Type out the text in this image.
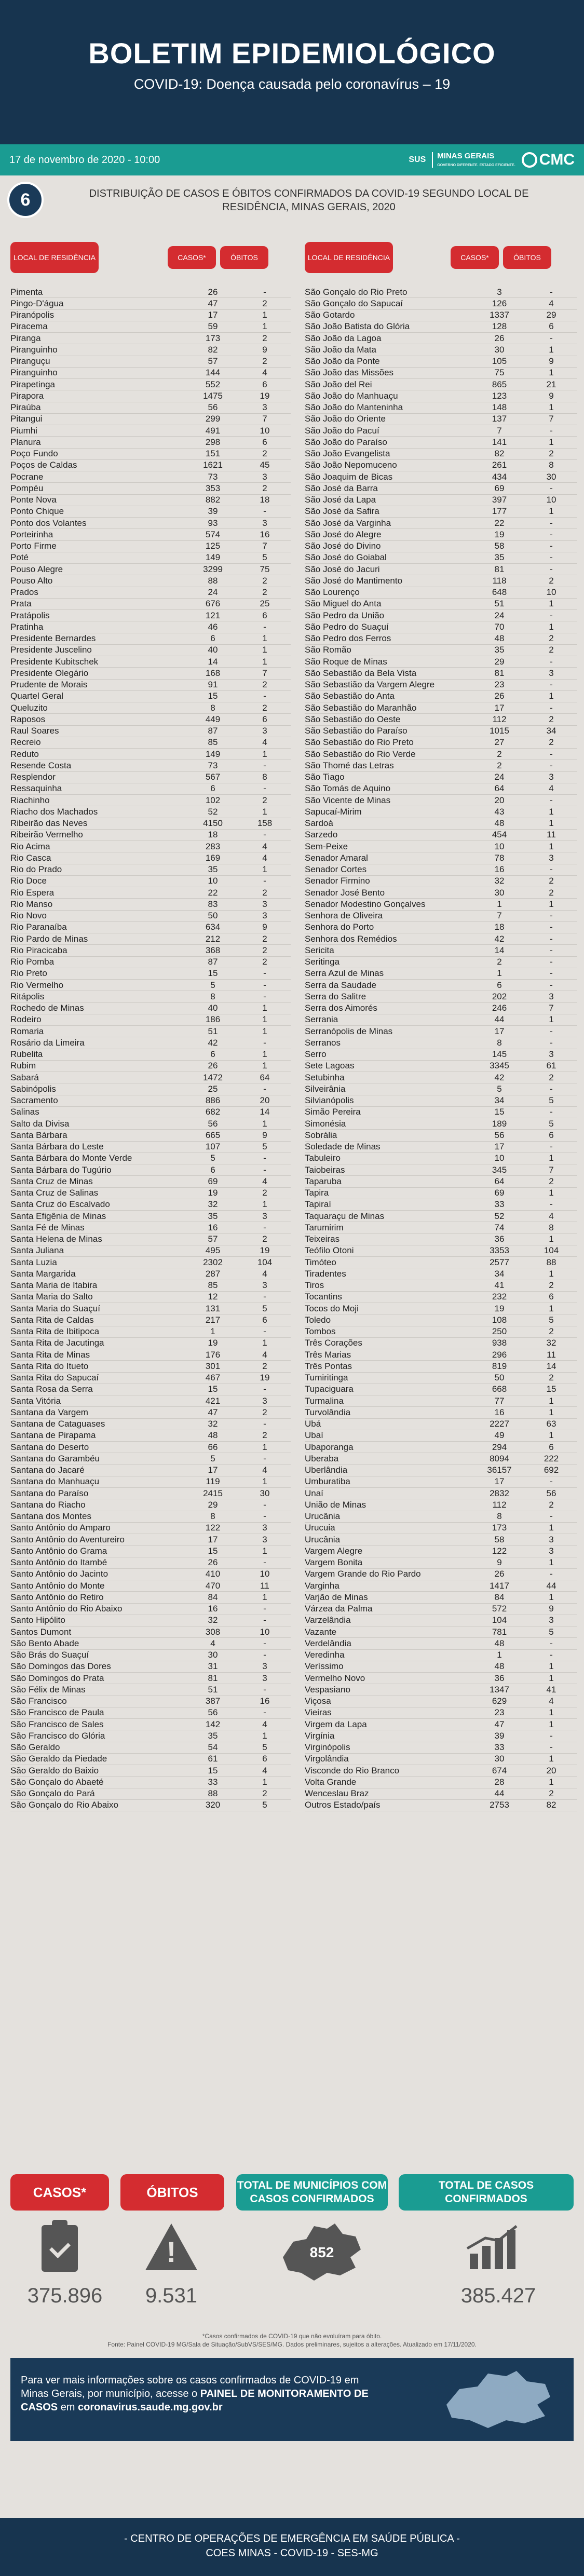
BOLETIM EPIDEMIOLÓGICO
COVID-19: Doença causada pelo coronavírus – 19
17 de novembro de 2020 - 10:00	SUS	MINAS GERAIS
GOVERNO DIFERENTE. ESTADO EFICIENTE. CMC
6	DISTRIBUIÇÃO DE CASOS E ÓBITOS CONFIRMADOS DA COVID-19 SEGUNDO LOCAL DE RESIDÊNCIA, MINAS GERAIS, 2020
LOCAL DE RESIDÊNCIA	CASOS*	ÓBITOS
Pimenta	26	-
Pingo-D'água	47	2
Piranópolis	17	1
Piracema	59	1
Piranga	173	2
Piranguinho	82	9
Piranguçu	57	2
Piranguinho	144	4
Pirapetinga	552	6
Pirapora	1475	19
Piraúba	56	3
Pitangui	299	7
Piumhi	491	10
Planura	298	6
Poço Fundo	151	2
Poços de Caldas	1621	45
Pocrane	73	3
Pompéu	353	2
Ponte Nova	882	18
Ponto Chique	39	-
Ponto dos Volantes	93	3
Porteirinha	574	16
Porto Firme	125	7
Poté	149	5
Pouso Alegre	3299	75
Pouso Alto	88	2
Prados	24	2
Prata	676	25
Pratápolis	121	6
Pratinha	46	-
Presidente Bernardes	6	1
Presidente Juscelino	40	1
Presidente Kubitschek	14	1
Presidente Olegário	168	7
Prudente de Morais	91	2
Quartel Geral	15	-
Queluzito	8	2
Raposos	449	6
Raul Soares	87	3
Recreio	85	4
Reduto	149	1
Resende Costa	73	-
Resplendor	567	8
Ressaquinha	6	-
Riachinho	102	2
Riacho dos Machados	52	1
Ribeirão das Neves	4150	158
Ribeirão Vermelho	18	-
Rio Acima	283	4
Rio Casca	169	4
Rio do Prado	35	1
Rio Doce	10	-
Rio Espera	22	2
Rio Manso	83	3
Rio Novo	50	3
Rio Paranaíba	634	9
Rio Pardo de Minas	212	2
Rio Piracicaba	368	2
Rio Pomba	87	2
Rio Preto	15	-
Rio Vermelho	5	-
Ritápolis	8	-
Rochedo de Minas	40	1
Rodeiro	186	1
Romaria	51	1
Rosário da Limeira	42	-
Rubelita	6	1
Rubim	26	1
Sabará	1472	64
Sabinópolis	25	-
Sacramento	886	20
Salinas	682	14
Salto da Divisa	56	1
Santa Bárbara	665	9
Santa Bárbara do Leste	107	5
Santa Bárbara do Monte Verde	5	-
Santa Bárbara do Tugúrio	6	-
Santa Cruz de Minas	69	4
Santa Cruz de Salinas	19	2
Santa Cruz do Escalvado	32	1
Santa Efigênia de Minas	35	3
Santa Fé de Minas	16	-
Santa Helena de Minas	57	2
Santa Juliana	495	19
Santa Luzia	2302	104
Santa Margarida	287	4
Santa Maria de Itabira	85	3
Santa Maria do Salto	12	-
Santa Maria do Suaçuí	131	5
Santa Rita de Caldas	217	6
Santa Rita de Ibitipoca	1	-
Santa Rita de Jacutinga	19	1
Santa Rita de Minas	176	4
Santa Rita do Itueto	301	2
Santa Rita do Sapucaí	467	19
Santa Rosa da Serra	15	-
Santa Vitória	421	3
Santana da Vargem	47	2
Santana de Cataguases	32	-
Santana de Pirapama	48	2
Santana do Deserto	66	1
Santana do Garambéu	5	-
Santana do Jacaré	17	4
Santana do Manhuaçu	119	1
Santana do Paraíso	2415	30
Santana do Riacho	29	-
Santana dos Montes	8	-
Santo Antônio do Amparo	122	3
Santo Antônio do Aventureiro	17	3
Santo Antônio do Grama	15	1
Santo Antônio do Itambé	26	-
Santo Antônio do Jacinto	410	10
Santo Antônio do Monte	470	11
Santo Antônio do Retiro	84	1
Santo Antônio do Rio Abaixo	16	-
Santo Hipólito	32	-
Santos Dumont	308	10
São Bento Abade	4	-
São Brás do Suaçuí	30	-
São Domingos das Dores	31	3
São Domingos do Prata	81	3
São Félix de Minas	51	-
São Francisco	387	16
São Francisco de Paula	56	-
São Francisco de Sales	142	4
São Francisco do Glória	35	1
São Geraldo	54	5
São Geraldo da Piedade	61	6
São Geraldo do Baixio	15	4
São Gonçalo do Abaeté	33	1
São Gonçalo do Pará	88	2
São Gonçalo do Rio Abaixo	320	5
LOCAL DE RESIDÊNCIA	CASOS*	ÓBITOS
São Gonçalo do Rio Preto	3	-
São Gonçalo do Sapucaí	126	4
São Gotardo	1337	29
São João Batista do Glória	128	6
São João da Lagoa	26	-
São João da Mata	30	1
São João da Ponte	105	9
São João das Missões	75	1
São João del Rei	865	21
São João do Manhuaçu	123	9
São João do Manteninha	148	1
São João do Oriente	137	7
São João do Pacuí	7	-
São João do Paraíso	141	1
São João Evangelista	82	2
São João Nepomuceno	261	8
São Joaquim de Bicas	434	30
São José da Barra	69	-
São José da Lapa	397	10
São José da Safira	177	1
São José da Varginha	22	-
São José do Alegre	19	-
São José do Divino	58	-
São José do Goiabal	35	-
São José do Jacuri	81	-
São José do Mantimento	118	2
São Lourenço	648	10
São Miguel do Anta	51	1
São Pedro da União	24	-
São Pedro do Suaçuí	70	1
São Pedro dos Ferros	48	2
São Romão	35	2
São Roque de Minas	29	-
São Sebastião da Bela Vista	81	3
São Sebastião da Vargem Alegre	23	-
São Sebastião do Anta	26	1
São Sebastião do Maranhão	17	-
São Sebastião do Oeste	112	2
São Sebastião do Paraíso	1015	34
São Sebastião do Rio Preto	27	2
São Sebastião do Rio Verde	2	-
São Thomé das Letras	2	-
São Tiago	24	3
São Tomás de Aquino	64	4
São Vicente de Minas	20	-
Sapucaí-Mirim	43	1
Sardoá	48	1
Sarzedo	454	11
Sem-Peixe	10	1
Senador Amaral	78	3
Senador Cortes	16	-
Senador Firmino	32	2
Senador José Bento	30	2
Senador Modestino Gonçalves	1	1
Senhora de Oliveira	7	-
Senhora do Porto	18	-
Senhora dos Remédios	42	-
Sericita	14	-
Seritinga	2	-
Serra Azul de Minas	1	-
Serra da Saudade	6	-
Serra do Salitre	202	3
Serra dos Aimorés	246	7
Serrania	44	1
Serranópolis de Minas	17	-
Serranos	8	-
Serro	145	3
Sete Lagoas	3345	61
Setubinha	42	2
Silveirânia	5	-
Silvianópolis	34	5
Simão Pereira	15	-
Simonésia	189	5
Sobrália	56	6
Soledade de Minas	17	-
Tabuleiro	10	1
Taiobeiras	345	7
Taparuba	64	2
Tapira	69	1
Tapiraí	33	-
Taquaraçu de Minas	52	4
Tarumirim	74	8
Teixeiras	36	1
Teófilo Otoni	3353	104
Timóteo	2577	88
Tiradentes	34	1
Tiros	41	2
Tocantins	232	6
Tocos do Moji	19	1
Toledo	108	5
Tombos	250	2
Três Corações	938	32
Três Marias	296	11
Três Pontas	819	14
Tumiritinga	50	2
Tupaciguara	668	15
Turmalina	77	1
Turvolândia	16	1
Ubá	2227	63
Ubaí	49	1
Ubaporanga	294	6
Uberaba	8094	222
Uberlândia	36157	692
Umburatiba	17	-
Unaí	2832	56
União de Minas	112	2
Urucânia	8	-
Urucuia	173	1
Urucânia	58	3
Vargem Alegre	122	3
Vargem Bonita	9	1
Vargem Grande do Rio Pardo	26	-
Varginha	1417	44
Varjão de Minas	84	1
Várzea da Palma	572	9
Varzelândia	104	3
Vazante	781	5
Verdelândia	48	-
Veredinha	1	-
Veríssimo	48	1
Vermelho Novo	36	1
Vespasiano	1347	41
Viçosa	629	4
Vieiras	23	1
Virgem da Lapa	47	1
Virgínia	39	-
Virginópolis	33	-
Virgolândia	30	1
Visconde do Rio Branco	674	20
Volta Grande	28	1
Wenceslau Braz	44	2
Outros Estado/país	2753	82
CASOS*	ÓBITOS	TOTAL DE MUNICÍPIOS COM CASOS CONFIRMADOS
TOTAL DE CASOS CONFIRMADOS
!	852
375.896	9.531	385.427
*Casos confirmados de COVID-19 que não evoluíram para óbito.
Fonte: Painel COVID-19 MG/Sala de Situação/SubVS/SES/MG. Dados preliminares, sujeitos a alterações. Atualizado em 17/11/2020.
Para ver mais informações sobre os casos confirmados de COVID-19 em Minas Gerais, por município, acesse o PAINEL DE MONITORAMENTO DE CASOS em coronavirus.saude.mg.gov.br
- CENTRO DE OPERAÇÕES DE EMERGÊNCIA EM SAÚDE PÚBLICA -
COES MINAS - COVID-19 - SES-MG
